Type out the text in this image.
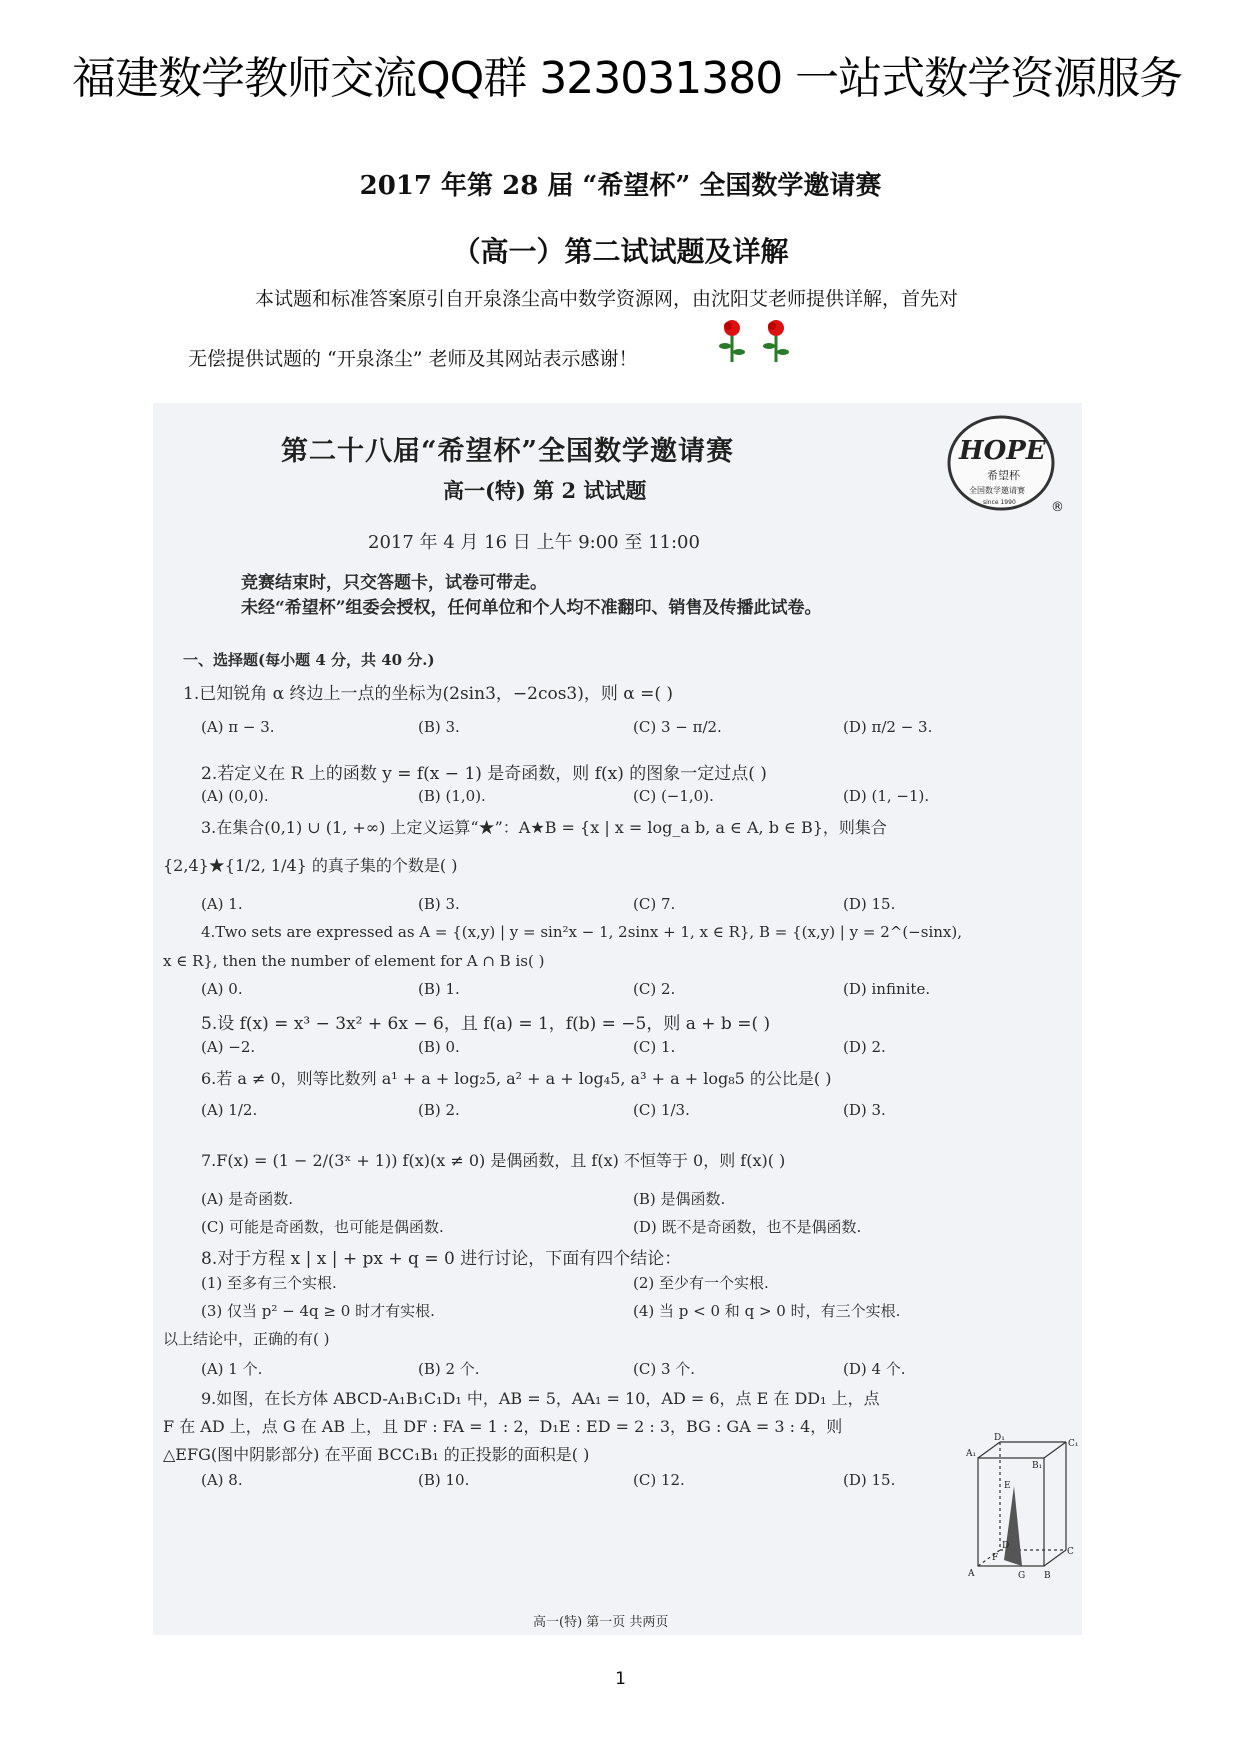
福建数学教师交流QQ群 323031380 一站式数学资源服务
2017 年第 28 届 “希望杯” 全国数学邀请赛
（高一）第二试试题及详解
本试题和标准答案原引自开泉涤尘高中数学资源网，由沈阳艾老师提供详解，首先对
无偿提供试题的 “开泉涤尘” 老师及其网站表示感谢！
第二十八届“希望杯”全国数学邀请赛
高一(特) 第 2 试试题
HOPE
希望杯
全国数学邀请赛
since 1990	®
2017 年 4 月 16 日 上午 9:00 至 11:00
竞赛结束时，只交答题卡，试卷可带走。
未经“希望杯”组委会授权，任何单位和个人均不准翻印、销售及传播此试卷。
一、选择题(每小题 4 分，共 40 分.)
1.已知锐角 α 终边上一点的坐标为(2sin3，−2cos3)，则 α =( )
(A) π − 3.	(B) 3.	(C) 3 − π/2.	(D) π/2 − 3.
2.若定义在 R 上的函数 y = f(x − 1) 是奇函数，则 f(x) 的图象一定过点( )
(A) (0,0).	(B) (1,0).	(C) (−1,0).	(D) (1, −1).
3.在集合(0,1) ∪ (1, +∞) 上定义运算“★”：A★B = {x | x = log_a b, a ∈ A, b ∈ B}，则集合
{2,4}★{1/2, 1/4} 的真子集的个数是( )
(A) 1.	(B) 3.	(C) 7.	(D) 15.
4.Two sets are expressed as A = {(x,y) | y = sin²x − 1, 2sinx + 1, x ∈ R}, B = {(x,y) | y = 2^(−sinx),
x ∈ R}, then the number of element for A ∩ B is( )
(A) 0.	(B) 1.	(C) 2.	(D) infinite.
5.设 f(x) = x³ − 3x² + 6x − 6，且 f(a) = 1，f(b) = −5，则 a + b =( )
(A) −2.	(B) 0.	(C) 1.	(D) 2.
6.若 a ≠ 0，则等比数列 a¹ + a + log₂5, a² + a + log₄5, a³ + a + log₈5 的公比是( )
(A) 1/2.	(B) 2.	(C) 1/3.	(D) 3.
7.F(x) = (1 − 2/(3ˣ + 1)) f(x)(x ≠ 0) 是偶函数，且 f(x) 不恒等于 0，则 f(x)( )
(A) 是奇函数.	(B) 是偶函数.
(C) 可能是奇函数，也可能是偶函数.	(D) 既不是奇函数，也不是偶函数.
8.对于方程 x | x | + px + q = 0 进行讨论，下面有四个结论：
(1) 至多有三个实根.	(2) 至少有一个实根.
(3) 仅当 p² − 4q ≥ 0 时才有实根.	(4) 当 p < 0 和 q > 0 时，有三个实根.
以上结论中，正确的有( )
(A) 1 个.	(B) 2 个.	(C) 3 个.	(D) 4 个.
9.如图，在长方体 ABCD-A₁B₁C₁D₁ 中，AB = 5，AA₁ = 10，AD = 6，点 E 在 DD₁ 上，点
F 在 AD 上，点 G 在 AB 上，且 DF : FA = 1 : 2，D₁E : ED = 2 : 3，BG : GA = 3 : 4，则
△EFG(图中阴影部分) 在平面 BCC₁B₁ 的正投影的面积是( )
(A) 8.	(B) 10.	(C) 12.	(D) 15.
D₁
C₁
A₁
B₁
E
F
D
C
A	G B
高一(特) 第一页 共两页
1
